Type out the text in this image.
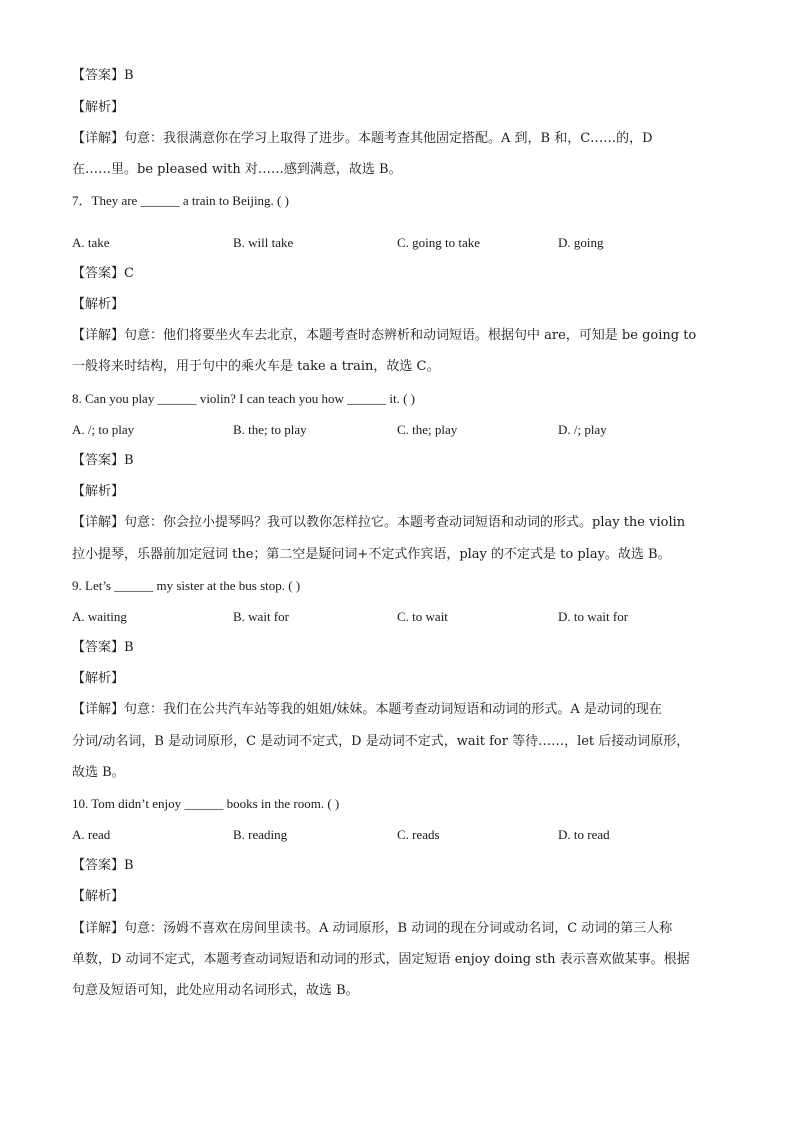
【答案】B
【解析】
【详解】句意：我很满意你在学习上取得了进步。本题考查其他固定搭配。A 到，B 和，C……的，D
在……里。be pleased with 对……感到满意，故选 B。
7．They are ______ a train to Beijing. ( )
A. take	B. will take	C. going to take	D. going
【答案】C
【解析】
【详解】句意：他们将要坐火车去北京，本题考查时态辨析和动词短语。根据句中 are，可知是 be going to
一般将来时结构，用于句中的乘火车是 take a train，故选 C。
8. Can you play ______ violin? I can teach you how ______ it. ( )
A. /; to play	B. the; to play	C. the; play	D. /; play
【答案】B
【解析】
【详解】句意：你会拉小提琴吗？我可以教你怎样拉它。本题考查动词短语和动词的形式。play the violin
拉小提琴，乐器前加定冠词 the；第二空是疑问词+不定式作宾语，play 的不定式是 to play。故选 B。
9. Let’s ______ my sister at the bus stop. ( )
A. waiting	B. wait for	C. to wait	D. to wait for
【答案】B
【解析】
【详解】句意：我们在公共汽车站等我的姐姐/妹妹。本题考查动词短语和动词的形式。A 是动词的现在
分词/动名词，B 是动词原形，C 是动词不定式，D 是动词不定式，wait for 等待……，let 后接动词原形，
故选 B。
10. Tom didn’t enjoy ______ books in the room. ( )
A. read	B. reading	C. reads	D. to read
【答案】B
【解析】
【详解】句意：汤姆不喜欢在房间里读书。A 动词原形，B 动词的现在分词或动名词，C 动词的第三人称
单数，D 动词不定式，本题考查动词短语和动词的形式，固定短语 enjoy doing sth 表示喜欢做某事。根据
句意及短语可知，此处应用动名词形式，故选 B。
